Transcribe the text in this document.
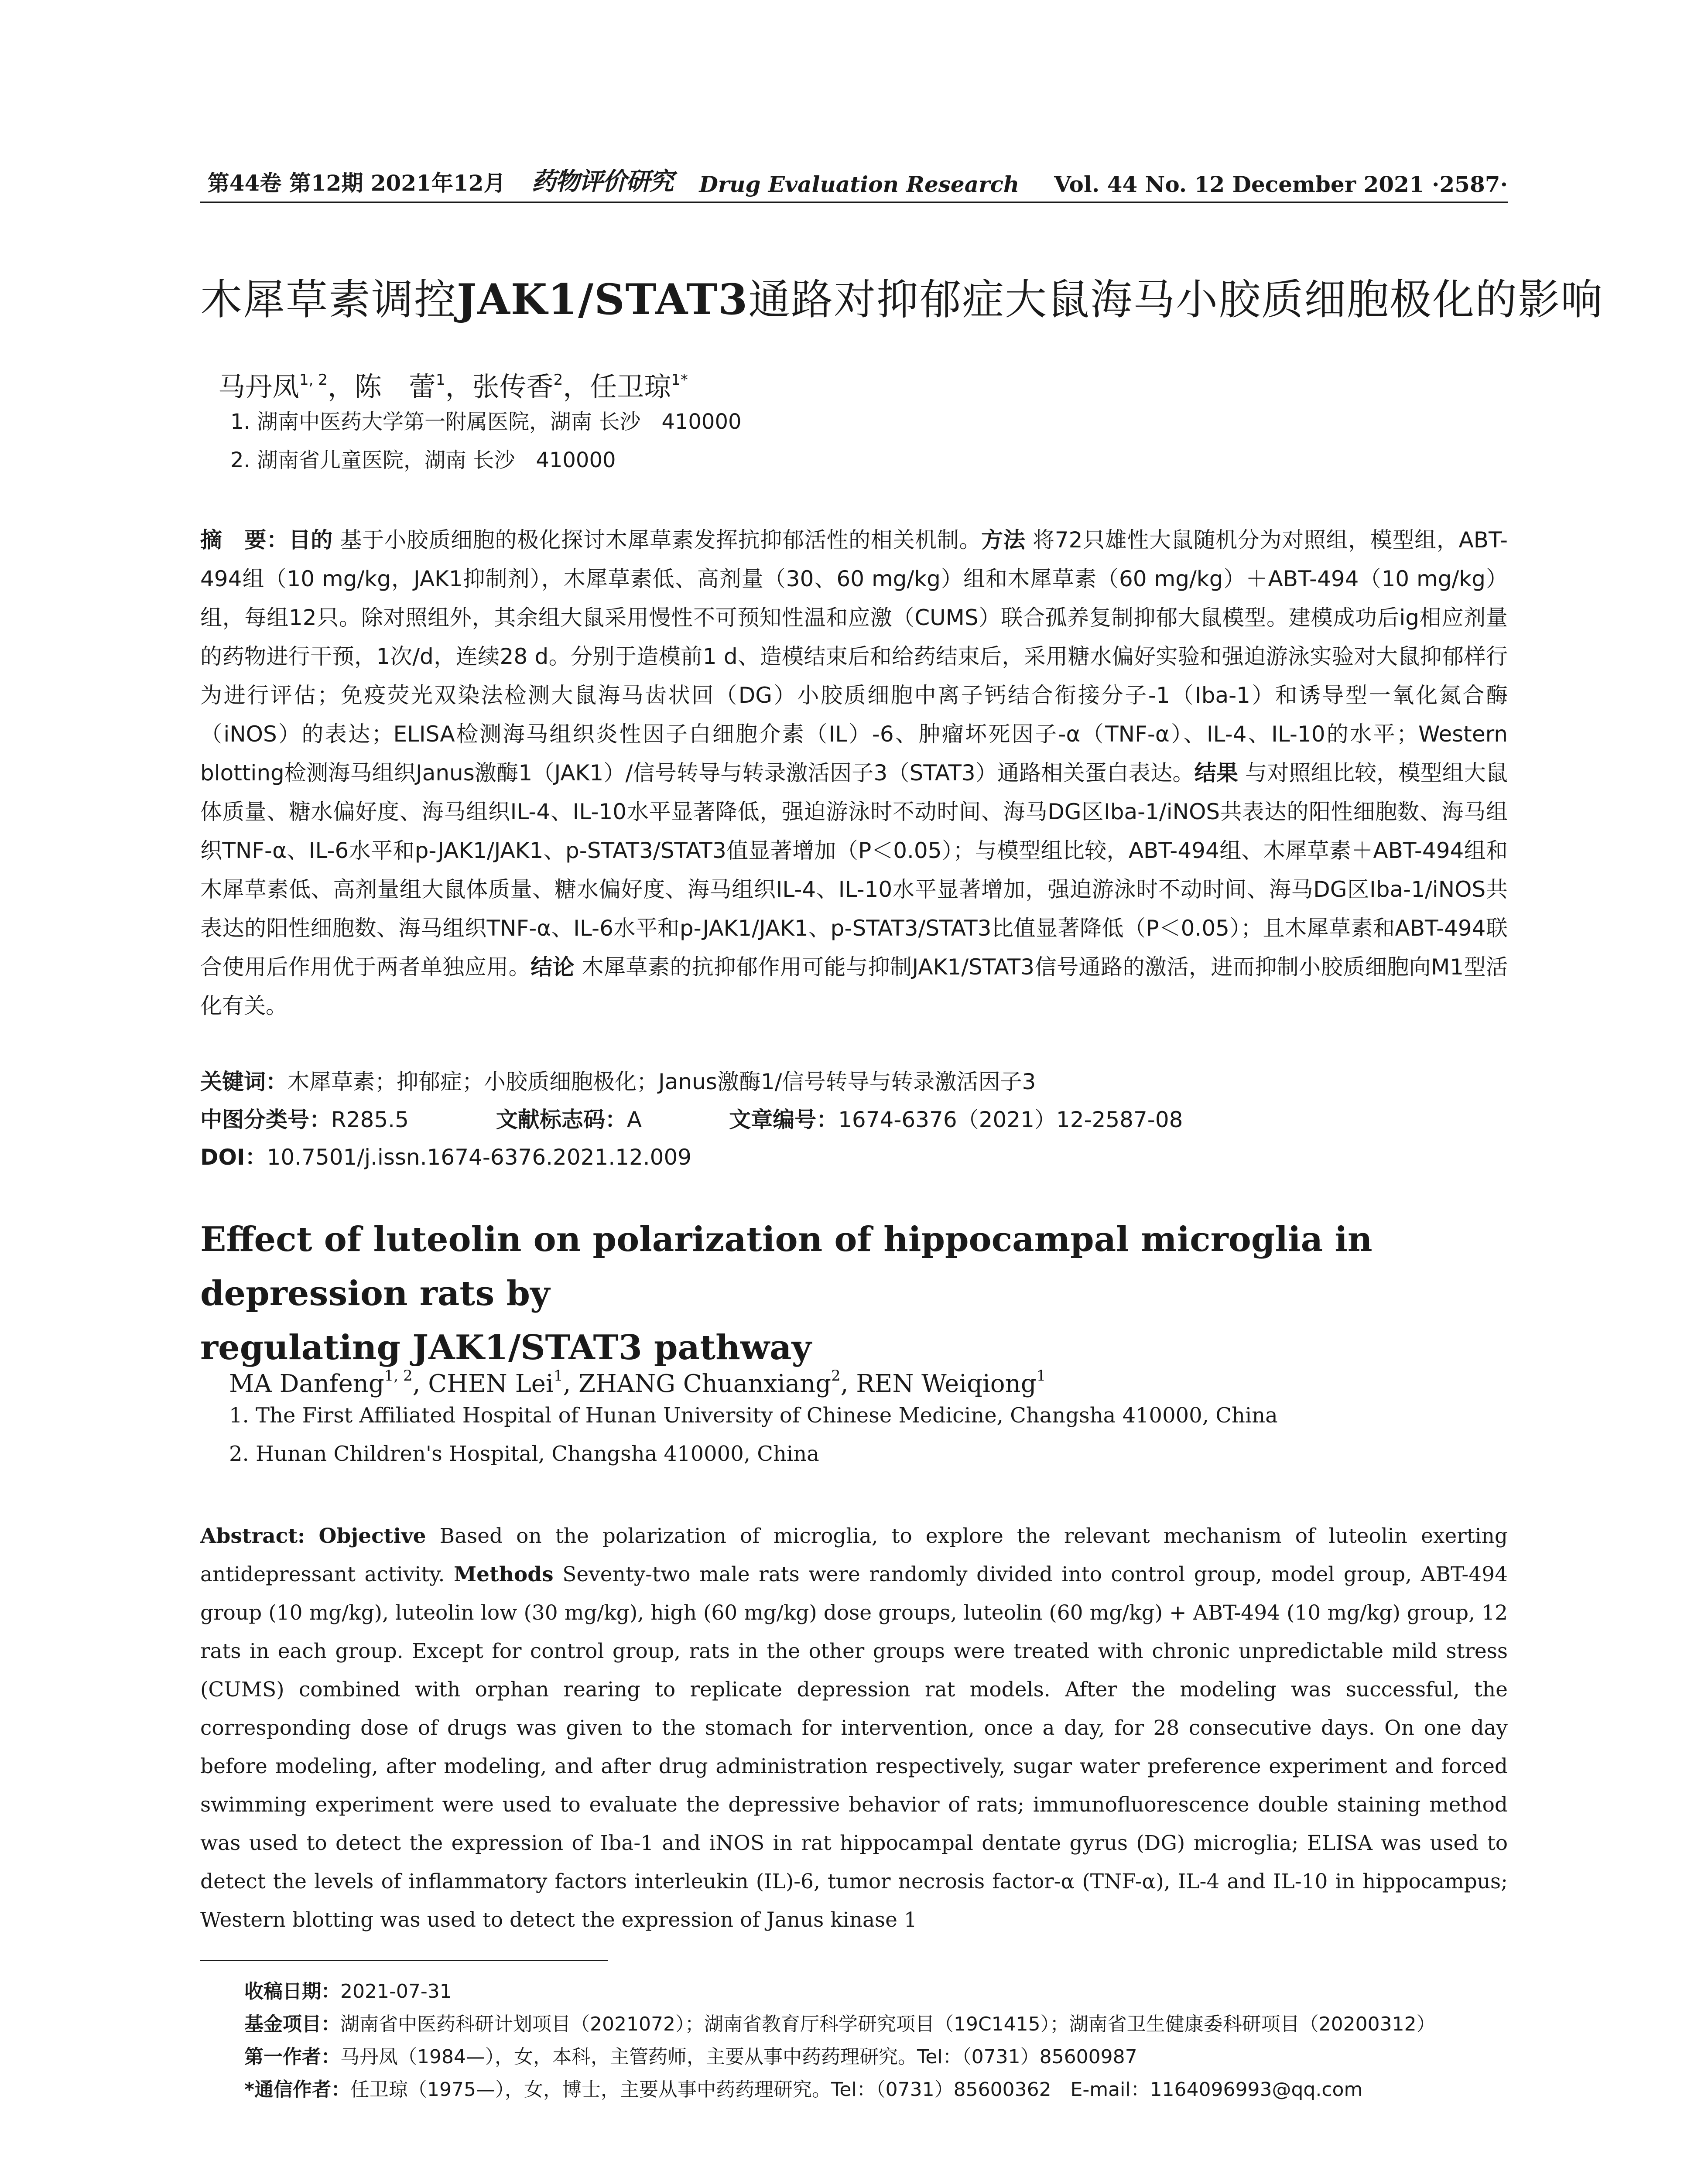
第44卷 第12期 2021年12月 药物评价研究 Drug Evaluation Research Vol. 44 No. 12 December 2021 ·2587·
木犀草素调控JAK1/STAT3通路对抑郁症大鼠海马小胶质细胞极化的影响
马丹凤$^{1, 2}$，陈　蕾$^1$，张传香$^2$，任卫琼$^{1*}$
1. 湖南中医药大学第一附属医院，湖南 长沙　410000
2. 湖南省儿童医院，湖南 长沙　410000
摘　要：目的 基于小胶质细胞的极化探讨木犀草素发挥抗抑郁活性的相关机制。方法 将72只雄性大鼠随机分为对照组，模型组，ABT-494组（10 mg/kg，JAK1抑制剂），木犀草素低、高剂量（30、60 mg/kg）组和木犀草素（60 mg/kg）＋ABT-494（10 mg/kg）组，每组12只。除对照组外，其余组大鼠采用慢性不可预知性温和应激（CUMS）联合孤养复制抑郁大鼠模型。建模成功后ig相应剂量的药物进行干预，1次/d，连续28 d。分别于造模前1 d、造模结束后和给药结束后，采用糖水偏好实验和强迫游泳实验对大鼠抑郁样行为进行评估；免疫荧光双染法检测大鼠海马齿状回（DG）小胶质细胞中离子钙结合衔接分子-1（Iba-1）和诱导型一氧化氮合酶（iNOS）的表达；ELISA检测海马组织炎性因子白细胞介素（IL）-6、肿瘤坏死因子-α（TNF-α）、IL-4、IL-10的水平；Western blotting检测海马组织Janus激酶1（JAK1）/信号转导与转录激活因子3（STAT3）通路相关蛋白表达。结果 与对照组比较，模型组大鼠体质量、糖水偏好度、海马组织IL-4、IL-10水平显著降低，强迫游泳时不动时间、海马DG区Iba-1/iNOS共表达的阳性细胞数、海马组织TNF-α、IL-6水平和p-JAK1/JAK1、p-STAT3/STAT3值显著增加（P＜0.05）；与模型组比较，ABT-494组、木犀草素＋ABT-494组和木犀草素低、高剂量组大鼠体质量、糖水偏好度、海马组织IL-4、IL-10水平显著增加，强迫游泳时不动时间、海马DG区Iba-1/iNOS共表达的阳性细胞数、海马组织TNF-α、IL-6水平和p-JAK1/JAK1、p-STAT3/STAT3比值显著降低（P＜0.05）；且木犀草素和ABT-494联合使用后作用优于两者单独应用。结论 木犀草素的抗抑郁作用可能与抑制JAK1/STAT3信号通路的激活，进而抑制小胶质细胞向M1型活化有关。
关键词：木犀草素；抑郁症；小胶质细胞极化；Janus激酶1/信号转导与转录激活因子3
中图分类号：R285.5	文献标志码：A	文章编号：1674-6376（2021）12-2587-08
DOI：10.7501/j.issn.1674-6376.2021.12.009
Effect of luteolin on polarization of hippocampal microglia in depression rats by
regulating JAK1/STAT3 pathway
MA Danfeng$^{1, 2}$, CHEN Lei$^1$, ZHANG Chuanxiang$^2$, REN Weiqiong$^1$
1. The First Affiliated Hospital of Hunan University of Chinese Medicine, Changsha 410000, China
2. Hunan Children's Hospital, Changsha 410000, China
Abstract: Objective Based on the polarization of microglia, to explore the relevant mechanism of luteolin exerting antidepressant activity. Methods Seventy-two male rats were randomly divided into control group, model group, ABT-494 group (10 mg/kg), luteolin low (30 mg/kg), high (60 mg/kg) dose groups, luteolin (60 mg/kg) + ABT-494 (10 mg/kg) group, 12 rats in each group. Except for control group, rats in the other groups were treated with chronic unpredictable mild stress (CUMS) combined with orphan rearing to replicate depression rat models. After the modeling was successful, the corresponding dose of drugs was given to the stomach for intervention, once a day, for 28 consecutive days. On one day before modeling, after modeling, and after drug administration respectively, sugar water preference experiment and forced swimming experiment were used to evaluate the depressive behavior of rats; immunofluorescence double staining method was used to detect the expression of Iba-1 and iNOS in rat hippocampal dentate gyrus (DG) microglia; ELISA was used to detect the levels of inflammatory factors interleukin (IL)-6, tumor necrosis factor-α (TNF-α), IL-4 and IL-10 in hippocampus; Western blotting was used to detect the expression of Janus kinase 1
收稿日期：2021-07-31
基金项目：湖南省中医药科研计划项目（2021072）；湖南省教育厅科学研究项目（19C1415）；湖南省卫生健康委科研项目（20200312）
第一作者：马丹凤（1984—），女，本科，主管药师，主要从事中药药理研究。Tel：（0731）85600987
*通信作者：任卫琼（1975—），女，博士，主要从事中药药理研究。Tel：（0731）85600362　E-mail：1164096993@qq.com
